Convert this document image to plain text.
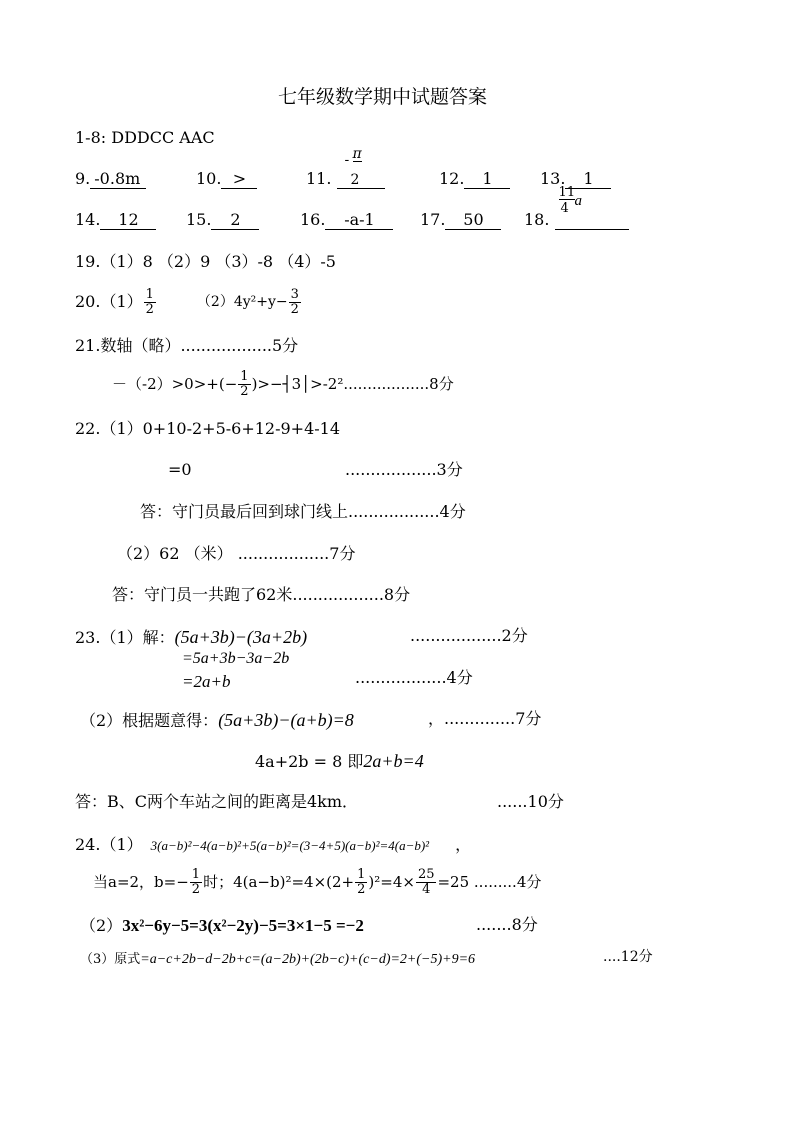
七年级数学期中试题答案
1-8: DDDCC AAC
9. -0.8m	10. >	11.
- π
2	12. 1	13. 1
14. 12	15. 2	16. -a-1	17. 50	18.
11
4 a

19.（1）8 （2）9 （3）-8 （4）-5
$20.(1) \frac{1}{2}$	$(2)4y^2+y- \frac{3}{2}$
21.数轴（略）..................5分
$-(-2)>0>+(- \frac{1}{2}$ )>−┤3│>-2²..................8分
22.（1）0+10-2+5-6+12-9+4-14
=0	..................3分
答：守门员最后回到球门线上..................4分
（2）62 （米） ..................7分
答：守门员一共跑了62米..................8分
23.（1）解：(5a+3b)−(3a+2b)	..................2分
=5a+3b−3a−2b
=2a+b	..................4分
（2）根据题意得：(5a+3b)−(a+b)=8	，..............7分
4a+2b = 8 即2a+b=4
答：B、C两个车站之间的距离是4km．	......10分
24.（1） 3(a−b)²−4(a−b)²+5(a−b)²=(3−4+5)(a−b)²=4(a−b)² ，
当a=2，$b=- \frac{1}{2}$ 时；$4(a-b)^2=4\times(2+ \frac{1}{2} )^2=4\times \frac{25}{4} =25$ .........4分
（2）3x²−6y−5=3(x²−2y)−5=3×1−5 =−2	.......8分
（3）原式=a−c+2b−d−2b+c=(a−2b)+(2b−c)+(c−d)=2+(−5)+9=6	....12分
